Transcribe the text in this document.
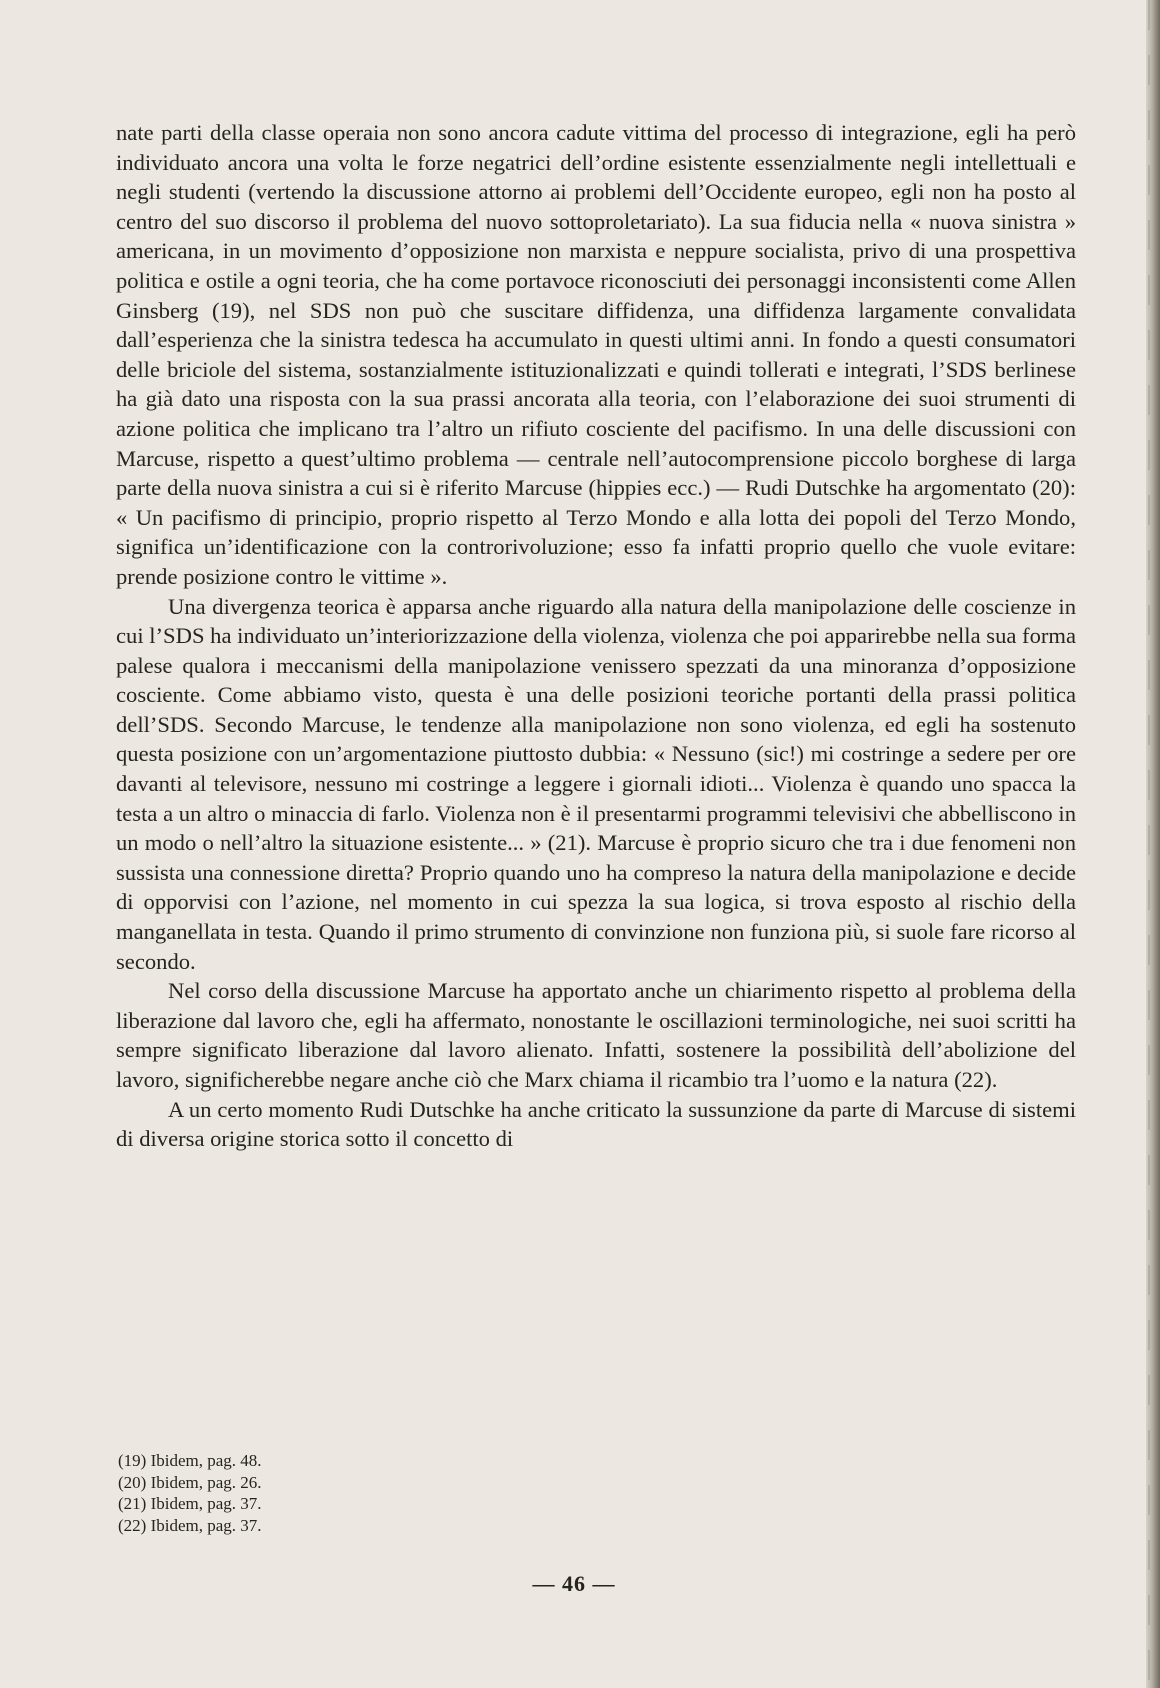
nate parti della classe operaia non sono ancora cadute vittima del processo di integrazione, egli ha però individuato ancora una volta le forze negatrici dell’ordine esistente essenzialmente negli intellettuali e negli studenti (vertendo la discussione attorno ai problemi dell’Occidente europeo, egli non ha posto al centro del suo discorso il problema del nuovo sottoproletariato). La sua fiducia nella « nuova sinistra » americana, in un movimento d’opposizione non marxista e neppure socialista, privo di una prospettiva politica e ostile a ogni teoria, che ha come portavoce riconosciuti dei personaggi inconsistenti come Allen Ginsberg (19), nel SDS non può che suscitare diffidenza, una diffidenza largamente convalidata dall’esperienza che la sinistra tedesca ha accumulato in questi ultimi anni. In fondo a questi consumatori delle briciole del sistema, sostanzialmente istituzionalizzati e quindi tollerati e integrati, l’SDS berlinese ha già dato una risposta con la sua prassi ancorata alla teoria, con l’elaborazione dei suoi strumenti di azione politica che implicano tra l’altro un rifiuto cosciente del pacifismo. In una delle discussioni con Marcuse, rispetto a quest’ultimo problema — centrale nell’autocomprensione piccolo borghese di larga parte della nuova sinistra a cui si è riferito Marcuse (hippies ecc.) — Rudi Dutschke ha argomentato (20): « Un pacifismo di principio, proprio rispetto al Terzo Mondo e alla lotta dei popoli del Terzo Mondo, significa un’identificazione con la controrivoluzione; esso fa infatti proprio quello che vuole evitare: prende posizione contro le vittime ».

Una divergenza teorica è apparsa anche riguardo alla natura della manipolazione delle coscienze in cui l’SDS ha individuato un’interiorizzazione della violenza, violenza che poi apparirebbe nella sua forma palese qualora i meccanismi della manipolazione venissero spezzati da una minoranza d’opposizione cosciente. Come abbiamo visto, questa è una delle posizioni teoriche portanti della prassi politica dell’SDS. Secondo Marcuse, le tendenze alla manipolazione non sono violenza, ed egli ha sostenuto questa posizione con un’argomentazione piuttosto dubbia: « Nessuno (sic!) mi costringe a sedere per ore davanti al televisore, nessuno mi costringe a leggere i giornali idioti... Violenza è quando uno spacca la testa a un altro o minaccia di farlo. Violenza non è il presentarmi programmi televisivi che abbelliscono in un modo o nell’altro la situazione esistente... » (21). Marcuse è proprio sicuro che tra i due fenomeni non sussista una connessione diretta? Proprio quando uno ha compreso la natura della manipolazione e decide di opporvisi con l’azione, nel momento in cui spezza la sua logica, si trova esposto al rischio della manganellata in testa. Quando il primo strumento di convinzione non funziona più, si suole fare ricorso al secondo.

Nel corso della discussione Marcuse ha apportato anche un chiarimento rispetto al problema della liberazione dal lavoro che, egli ha affermato, nonostante le oscillazioni terminologiche, nei suoi scritti ha sempre significato liberazione dal lavoro alienato. Infatti, sostenere la possibilità dell’abolizione del lavoro, significherebbe negare anche ciò che Marx chiama il ricambio tra l’uomo e la natura (22).

A un certo momento Rudi Dutschke ha anche criticato la sussunzione da parte di Marcuse di sistemi di diversa origine storica sotto il concetto di

(19) Ibidem, pag. 48.
(20) Ibidem, pag. 26.
(21) Ibidem, pag. 37.
(22) Ibidem, pag. 37.
— 46 —
